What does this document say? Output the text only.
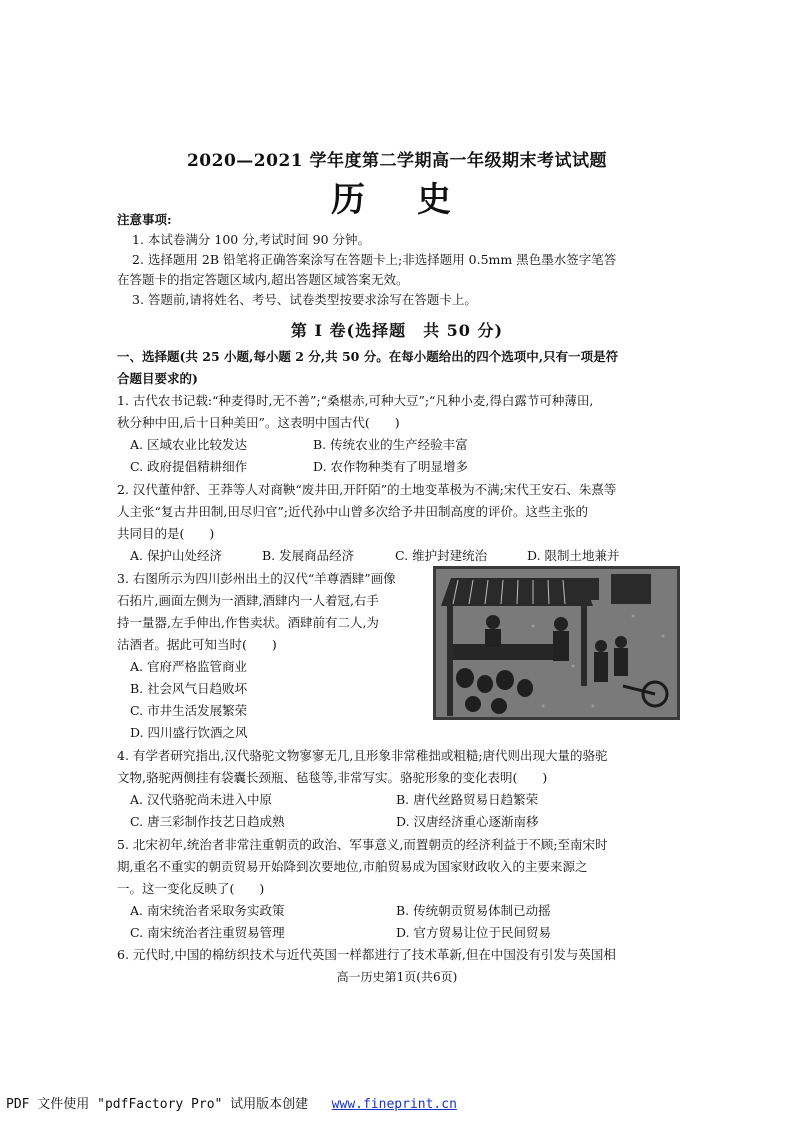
2020—2021 学年度第二学期高一年级期末考试试题
历史
注意事项:
1. 本试卷满分 100 分,考试时间 90 分钟。
2. 选择题用 2B 铅笔将正确答案涂写在答题卡上;非选择题用 0.5mm 黑色墨水签字笔答
在答题卡的指定答题区域内,超出答题区域答案无效。
3. 答题前,请将姓名、考号、试卷类型按要求涂写在答题卡上。
第 I 卷(选择题　共 50 分)
一、选择题(共 25 小题,每小题 2 分,共 50 分。在每小题给出的四个选项中,只有一项是符
合题目要求的)
1. 古代农书记载:“种麦得时,无不善”;“桑椹赤,可种大豆”;“凡种小麦,得白露节可种薄田,
秋分种中田,后十日种美田”。这表明中国古代(　　)
A. 区域农业比较发达	B. 传统农业的生产经验丰富
C. 政府提倡精耕细作	D. 农作物种类有了明显增多
2. 汉代董仲舒、王莽等人对商鞅“废井田,开阡陌”的土地变革极为不满;宋代王安石、朱熹等
人主张“复古井田制,田尽归官”;近代孙中山曾多次给予井田制高度的评价。这些主张的
共同目的是(　　)
A. 保护山处经济	B. 发展商品经济	C. 维护封建统治	D. 限制土地兼并
3. 右图所示为四川彭州出土的汉代“羊尊酒肆”画像
石拓片,画面左侧为一酒肆,酒肆内一人着冠,右手
持一量器,左手伸出,作售卖状。酒肆前有二人,为
沽酒者。据此可知当时(　　)
A. 官府严格监管商业
B. 社会风气日趋败坏
C. 市井生活发展繁荣
D. 四川盛行饮酒之风
4. 有学者研究指出,汉代骆驼文物寥寥无几,且形象非常稚拙或粗糙;唐代则出现大量的骆驼
文物,骆驼两侧挂有袋囊长颈瓶、毡毯等,非常写实。骆驼形象的变化表明(　　)
A. 汉代骆驼尚未进入中原	B. 唐代丝路贸易日趋繁荣
C. 唐三彩制作技艺日趋成熟	D. 汉唐经济重心逐渐南移
5. 北宋初年,统治者非常注重朝贡的政治、军事意义,而置朝贡的经济利益于不顾;至南宋时
期,重名不重实的朝贡贸易开始降到次要地位,市舶贸易成为国家财政收入的主要来源之
一。这一变化反映了(　　)
A. 南宋统治者采取务实政策	B. 传统朝贡贸易体制已动摇
C. 南宋统治者注重贸易管理	D. 官方贸易让位于民间贸易
6. 元代时,中国的棉纺织技术与近代英国一样都进行了技术革新,但在中国没有引发与英国相
高一历史第1页(共6页)
PDF 文件使用 "pdfFactory Pro" 试用版本创建 www.fineprint.cn
